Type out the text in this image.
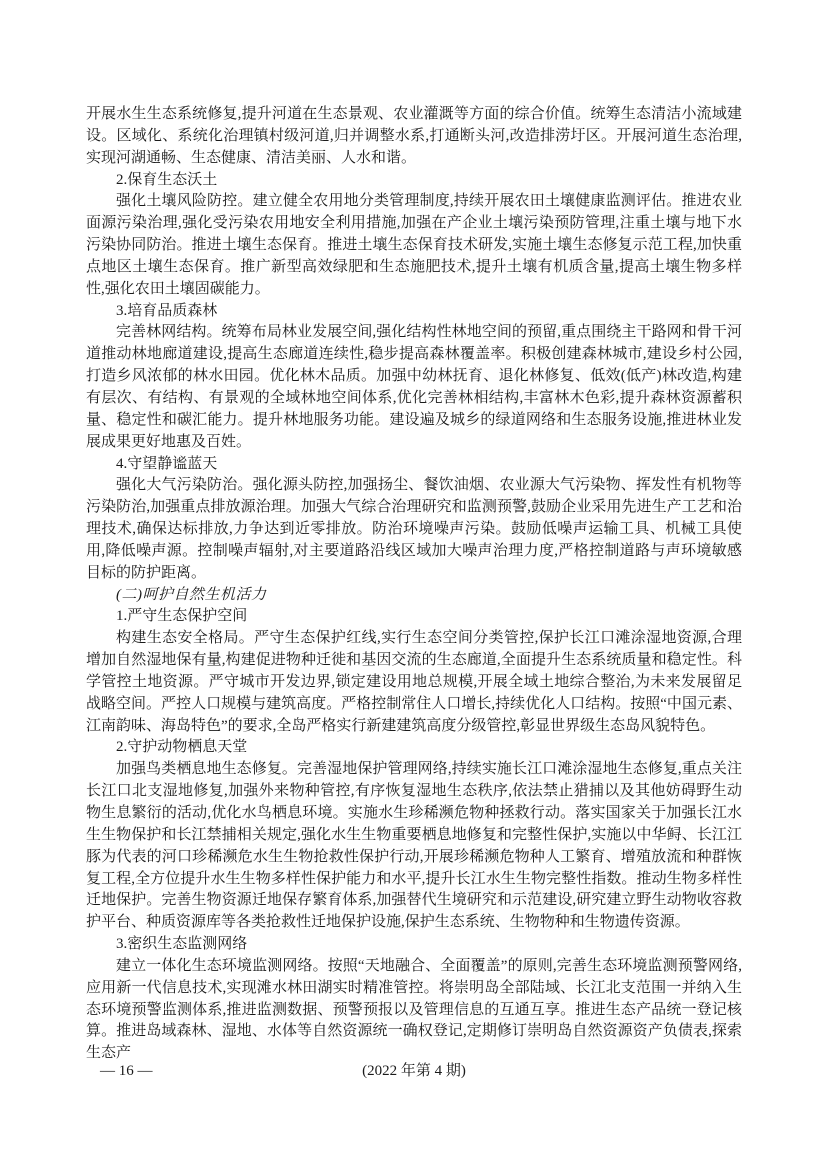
开展水生生态系统修复,提升河道在生态景观、农业灌溉等方面的综合价值。统筹生态清洁小流域建设。区域化、系统化治理镇村级河道,归并调整水系,打通断头河,改造排涝圩区。开展河道生态治理,实现河湖通畅、生态健康、清洁美丽、人水和谐。

2.保育生态沃土

强化土壤风险防控。建立健全农用地分类管理制度,持续开展农田土壤健康监测评估。推进农业面源污染治理,强化受污染农用地安全利用措施,加强在产企业土壤污染预防管理,注重土壤与地下水污染协同防治。推进土壤生态保育。推进土壤生态保育技术研发,实施土壤生态修复示范工程,加快重点地区土壤生态保育。推广新型高效绿肥和生态施肥技术,提升土壤有机质含量,提高土壤生物多样性,强化农田土壤固碳能力。

3.培育品质森林

完善林网结构。统筹布局林业发展空间,强化结构性林地空间的预留,重点围绕主干路网和骨干河道推动林地廊道建设,提高生态廊道连续性,稳步提高森林覆盖率。积极创建森林城市,建设乡村公园,打造乡风浓郁的林水田园。优化林木品质。加强中幼林抚育、退化林修复、低效(低产)林改造,构建有层次、有结构、有景观的全域林地空间体系,优化完善林相结构,丰富林木色彩,提升森林资源蓄积量、稳定性和碳汇能力。提升林地服务功能。建设遍及城乡的绿道网络和生态服务设施,推进林业发展成果更好地惠及百姓。

4.守望静谧蓝天

强化大气污染防治。强化源头防控,加强扬尘、餐饮油烟、农业源大气污染物、挥发性有机物等污染防治,加强重点排放源治理。加强大气综合治理研究和监测预警,鼓励企业采用先进生产工艺和治理技术,确保达标排放,力争达到近零排放。防治环境噪声污染。鼓励低噪声运输工具、机械工具使用,降低噪声源。控制噪声辐射,对主要道路沿线区域加大噪声治理力度,严格控制道路与声环境敏感目标的防护距离。

(二)呵护自然生机活力

1.严守生态保护空间

构建生态安全格局。严守生态保护红线,实行生态空间分类管控,保护长江口滩涂湿地资源,合理增加自然湿地保有量,构建促进物种迁徙和基因交流的生态廊道,全面提升生态系统质量和稳定性。科学管控土地资源。严守城市开发边界,锁定建设用地总规模,开展全域土地综合整治,为未来发展留足战略空间。严控人口规模与建筑高度。严格控制常住人口增长,持续优化人口结构。按照“中国元素、江南韵味、海岛特色”的要求,全岛严格实行新建建筑高度分级管控,彰显世界级生态岛风貌特色。

2.守护动物栖息天堂

加强鸟类栖息地生态修复。完善湿地保护管理网络,持续实施长江口滩涂湿地生态修复,重点关注长江口北支湿地修复,加强外来物种管控,有序恢复湿地生态秩序,依法禁止猎捕以及其他妨碍野生动物生息繁衍的活动,优化水鸟栖息环境。实施水生珍稀濒危物种拯救行动。落实国家关于加强长江水生生物保护和长江禁捕相关规定,强化水生生物重要栖息地修复和完整性保护,实施以中华鲟、长江江豚为代表的河口珍稀濒危水生生物抢救性保护行动,开展珍稀濒危物种人工繁育、增殖放流和种群恢复工程,全方位提升水生生物多样性保护能力和水平,提升长江水生生物完整性指数。推动生物多样性迁地保护。完善生物资源迁地保存繁育体系,加强替代生境研究和示范建设,研究建立野生动物收容救护平台、种质资源库等各类抢救性迁地保护设施,保护生态系统、生物物种和生物遗传资源。

3.密织生态监测网络

建立一体化生态环境监测网络。按照“天地融合、全面覆盖”的原则,完善生态环境监测预警网络,应用新一代信息技术,实现滩水林田湖实时精准管控。将崇明岛全部陆域、长江北支范围一并纳入生态环境预警监测体系,推进监测数据、预警预报以及管理信息的互通互享。推进生态产品统一登记核算。推进岛域森林、湿地、水体等自然资源统一确权登记,定期修订崇明岛自然资源资产负债表,探索生态产

— 16 —	(2022 年第 4 期)
